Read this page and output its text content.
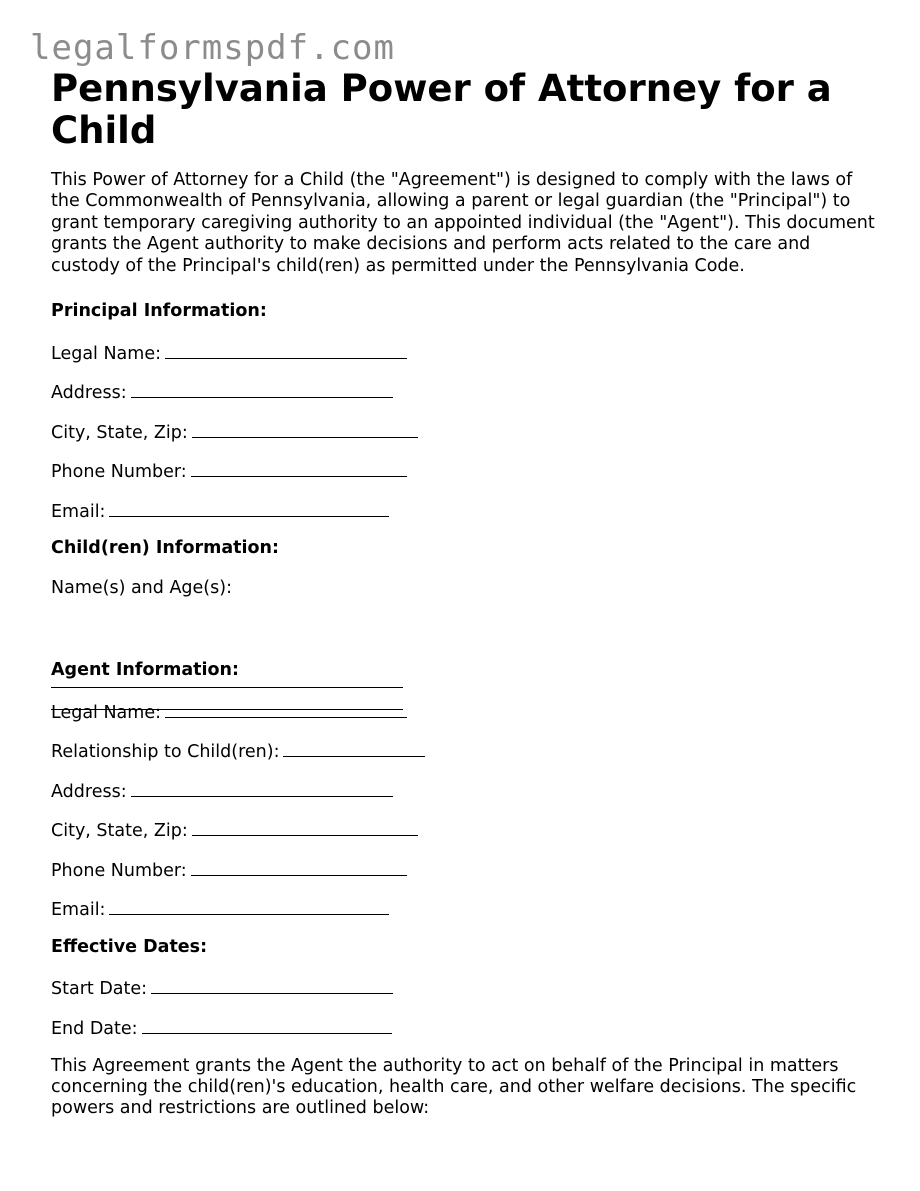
legalformspdf.com
Pennsylvania Power of Attorney for a Child

This Power of Attorney for a Child (the "Agreement") is designed to comply with the laws of the Commonwealth of Pennsylvania, allowing a parent or legal guardian (the "Principal") to grant temporary caregiving authority to an appointed individual (the "Agent"). This document grants the Agent authority to make decisions and perform acts related to the care and custody of the Principal's child(ren) as permitted under the Pennsylvania Code.

Principal Information:

Legal Name:
Address:
City, State, Zip:
Phone Number:
Email:

Child(ren) Information:

Name(s) and Age(s):

Agent Information:

Legal Name:
Relationship to Child(ren):
Address:
City, State, Zip:
Phone Number:
Email:

Effective Dates:

Start Date:
End Date:

This Agreement grants the Agent the authority to act on behalf of the Principal in matters concerning the child(ren)'s education, health care, and other welfare decisions. The specific powers and restrictions are outlined below:
